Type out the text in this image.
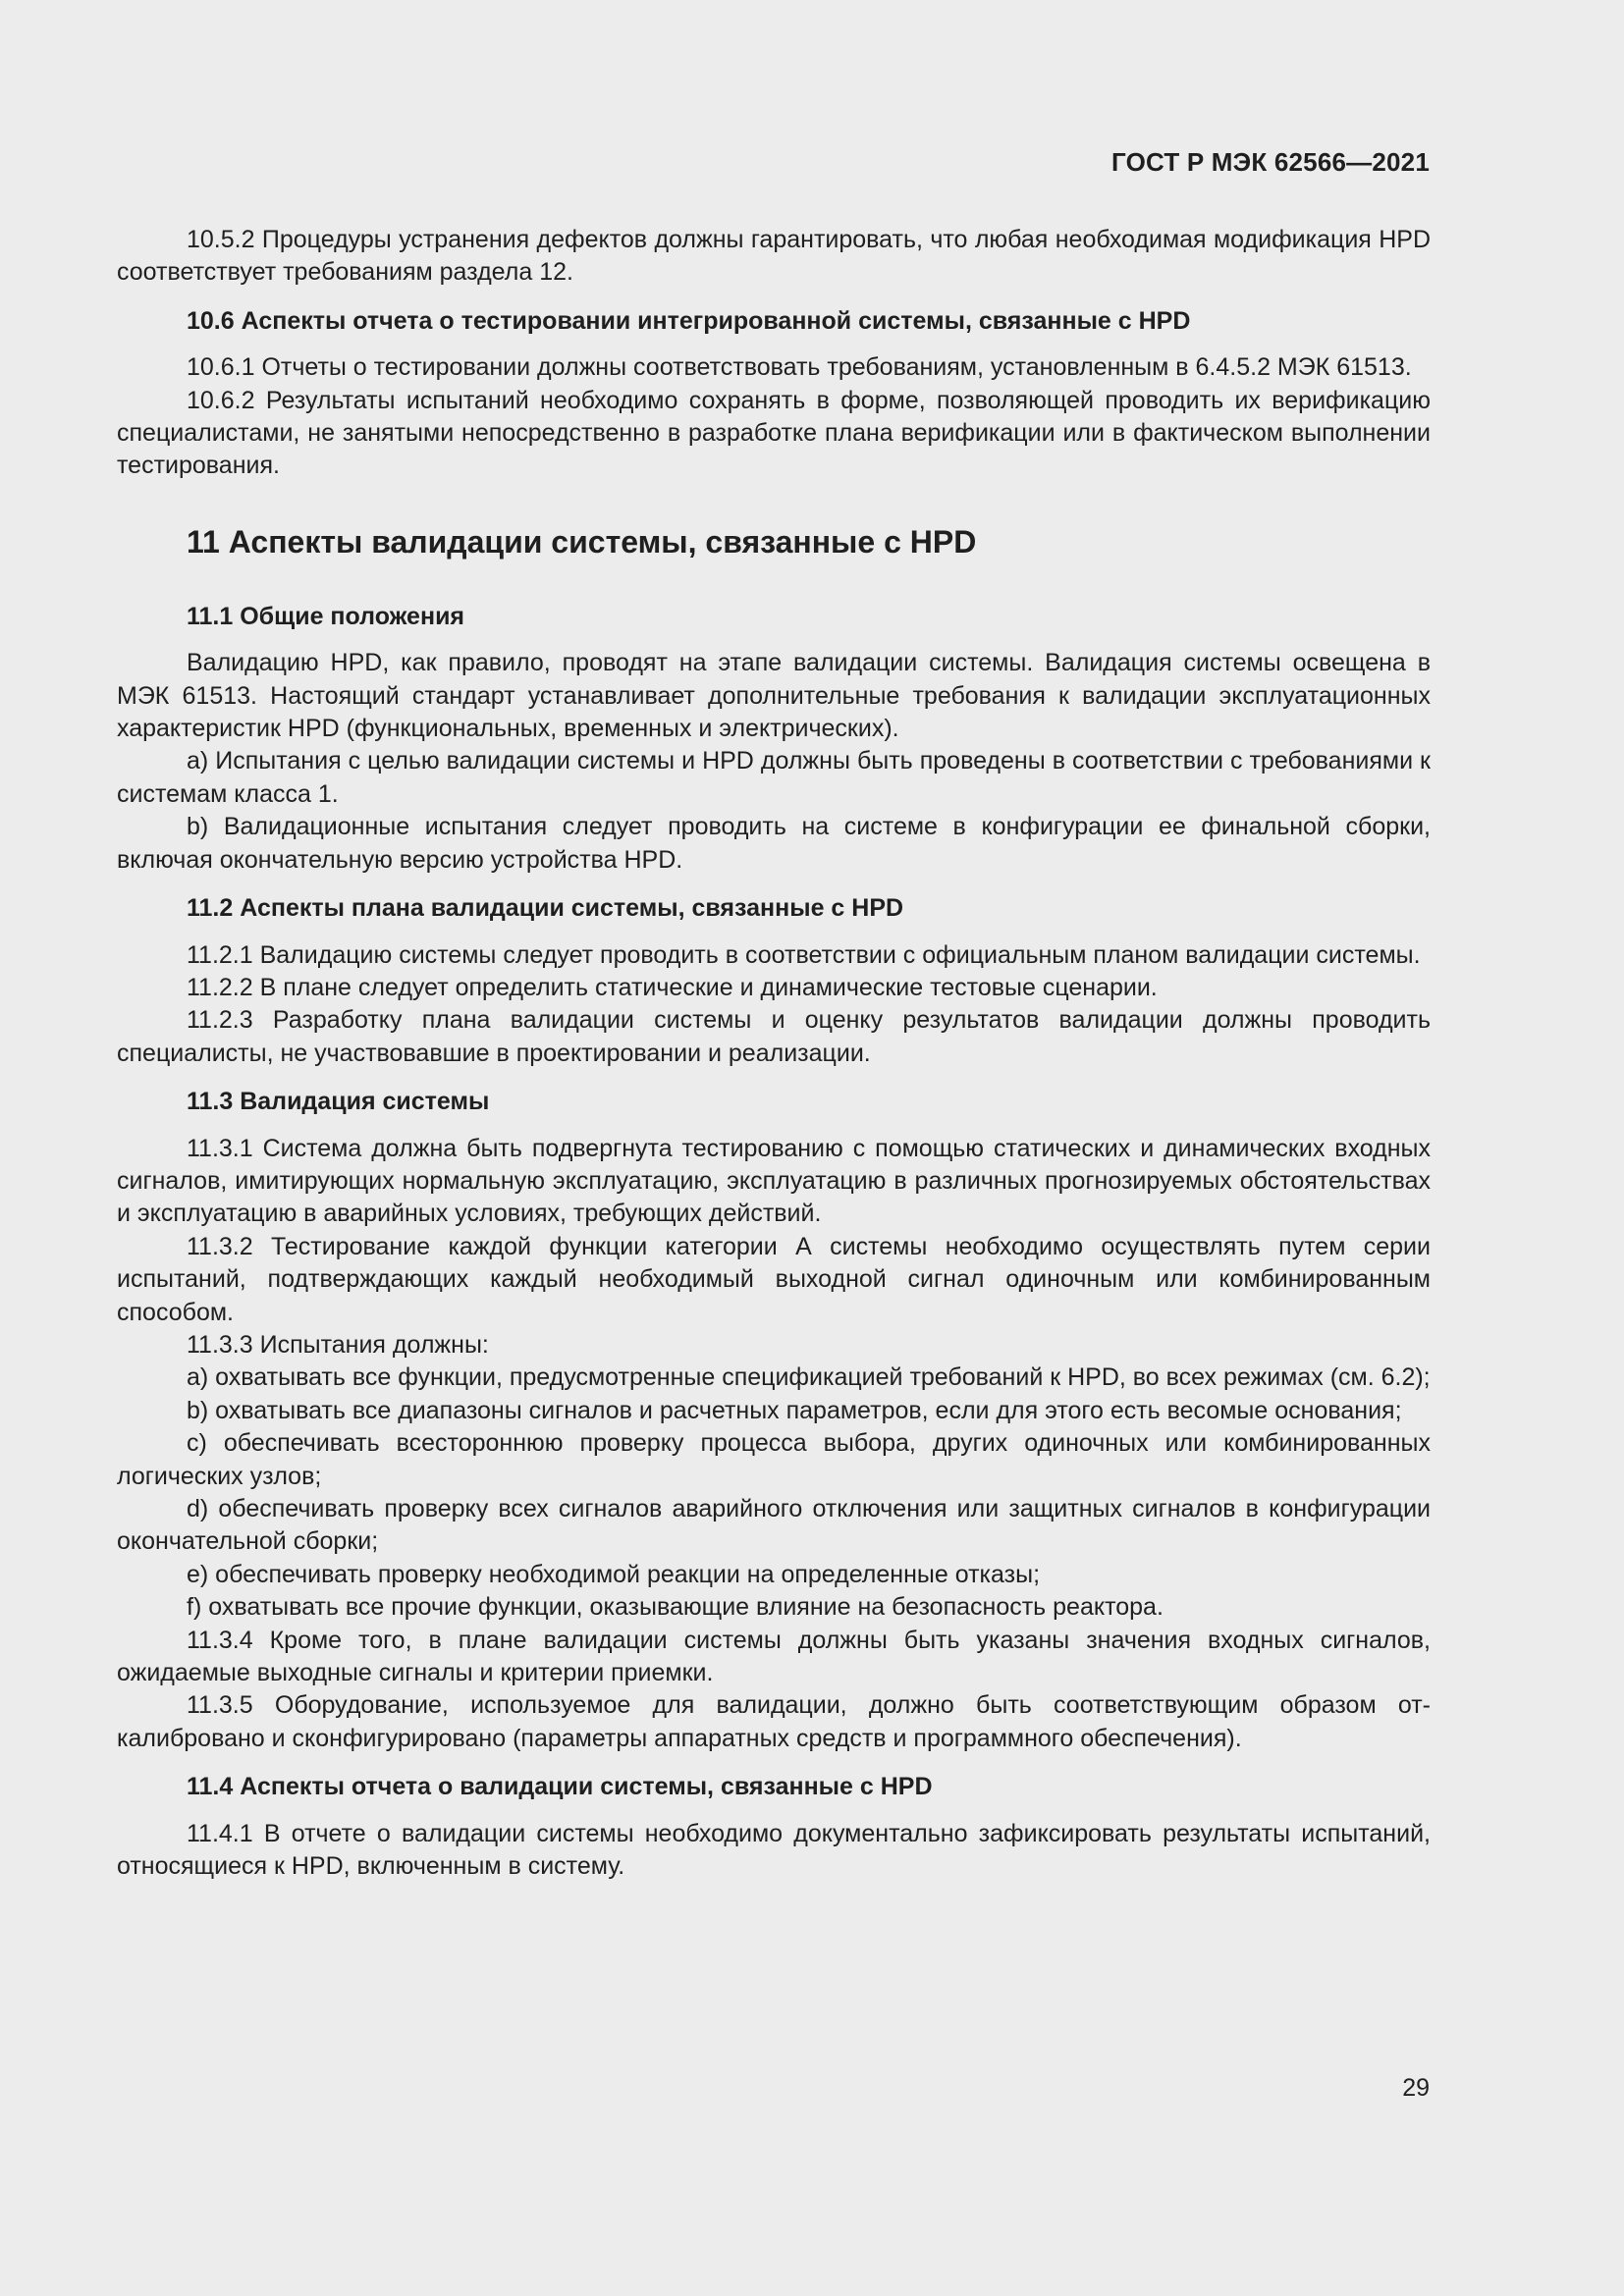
ГОСТ Р МЭК 62566—2021

10.5.2 Процедуры устранения дефектов должны гарантировать, что любая необходимая модификация HPD соответствует требованиям раздела 12.

10.6 Аспекты отчета о тестировании интегрированной системы, связанные с HPD

10.6.1 Отчеты о тестировании должны соответствовать требованиям, установленным в 6.4.5.2 МЭК 61513.

10.6.2 Результаты испытаний необходимо сохранять в форме, позволяющей проводить их верификацию специалистами, не занятыми непосредственно в разработке плана верификации или в фактическом выполнении тестирования.

11 Аспекты валидации системы, связанные с HPD

11.1 Общие положения

Валидацию HPD, как правило, проводят на этапе валидации системы. Валидация системы освещена в МЭК 61513. Настоящий стандарт устанавливает дополнительные требования к валидации эксплуатационных характеристик HPD (функциональных, временных и электрических).

а) Испытания с целью валидации системы и HPD должны быть проведены в соответствии с требованиями к системам класса 1.

b) Валидационные испытания следует проводить на системе в конфигурации ее финальной сборки, включая окончательную версию устройства HPD.

11.2 Аспекты плана валидации системы, связанные с HPD

11.2.1 Валидацию системы следует проводить в соответствии с официальным планом валидации системы.

11.2.2 В плане следует определить статические и динамические тестовые сценарии.

11.2.3 Разработку плана валидации системы и оценку результатов валидации должны проводить специалисты, не участвовавшие в проектировании и реализации.

11.3 Валидация системы

11.3.1 Система должна быть подвергнута тестированию с помощью статических и динамических входных сигналов, имитирующих нормальную эксплуатацию, эксплуатацию в различных прогнозируемых обстоятельствах и эксплуатацию в аварийных условиях, требующих действий.

11.3.2 Тестирование каждой функции категории А системы необходимо осуществлять путем серии испытаний, подтверждающих каждый необходимый выходной сигнал одиночным или комбинированным способом.

11.3.3 Испытания должны:

а) охватывать все функции, предусмотренные спецификацией требований к HPD, во всех режимах (см. 6.2);

b) охватывать все диапазоны сигналов и расчетных параметров, если для этого есть весомые основания;

c) обеспечивать всестороннюю проверку процесса выбора, других одиночных или комбинированных логических узлов;

d) обеспечивать проверку всех сигналов аварийного отключения или защитных сигналов в конфигурации окончательной сборки;

e) обеспечивать проверку необходимой реакции на определенные отказы;

f) охватывать все прочие функции, оказывающие влияние на безопасность реактора.

11.3.4 Кроме того, в плане валидации системы должны быть указаны значения входных сигналов, ожидаемые выходные сигналы и критерии приемки.

11.3.5 Оборудование, используемое для валидации, должно быть соответствующим образом откалибровано и сконфигурировано (параметры аппаратных средств и программного обеспечения).

11.4 Аспекты отчета о валидации системы, связанные с HPD

11.4.1 В отчете о валидации системы необходимо документально зафиксировать результаты испытаний, относящиеся к HPD, включенным в систему.

29
